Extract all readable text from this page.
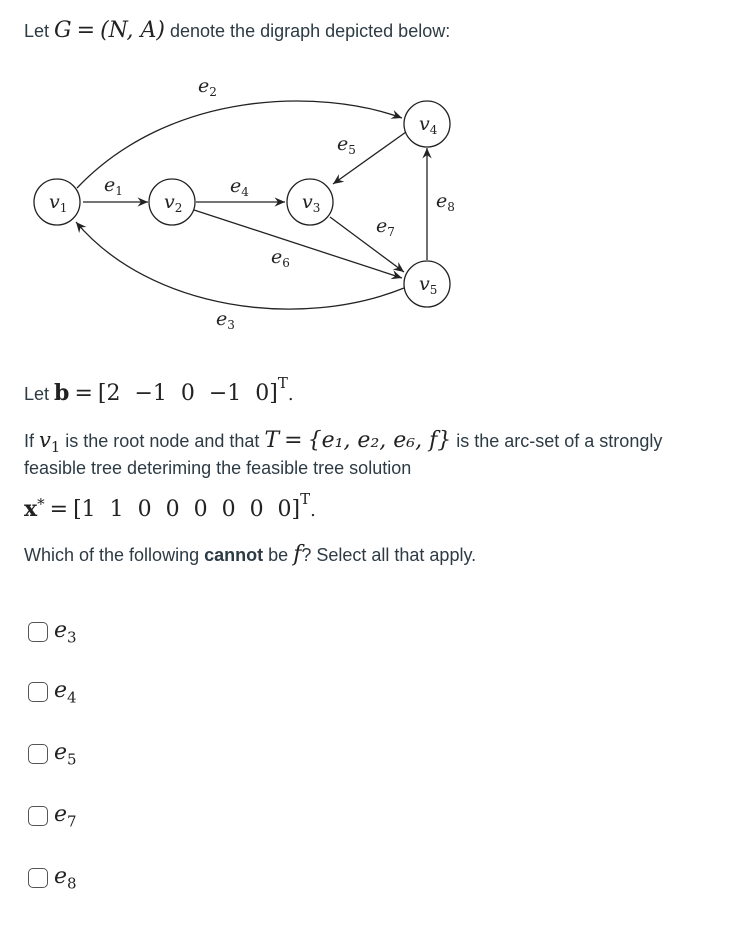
Let G = (N, A) denote the digraph depicted below:
$v_1$	$v_2$	$v_3$
$v_4$
$v_5$
$e_1$
$e_2$
$e_3$
$e_4$
$e_5$
$e_6$
$e_7$
$e_8$
Let b = [2  −1  0  −1  0]$^T$.
If $v_1$ is the root node and that T = {e₁, e₂, e₆, f} is the arc-set of a strongly
feasible tree deteriming the feasible tree solution
x* = [1  1  0  0  0  0  0  0]$^T$.
Which of the following cannot be f? Select all that apply.
$e_3$
$e_4$
$e_5$
$e_7$
$e_8$
